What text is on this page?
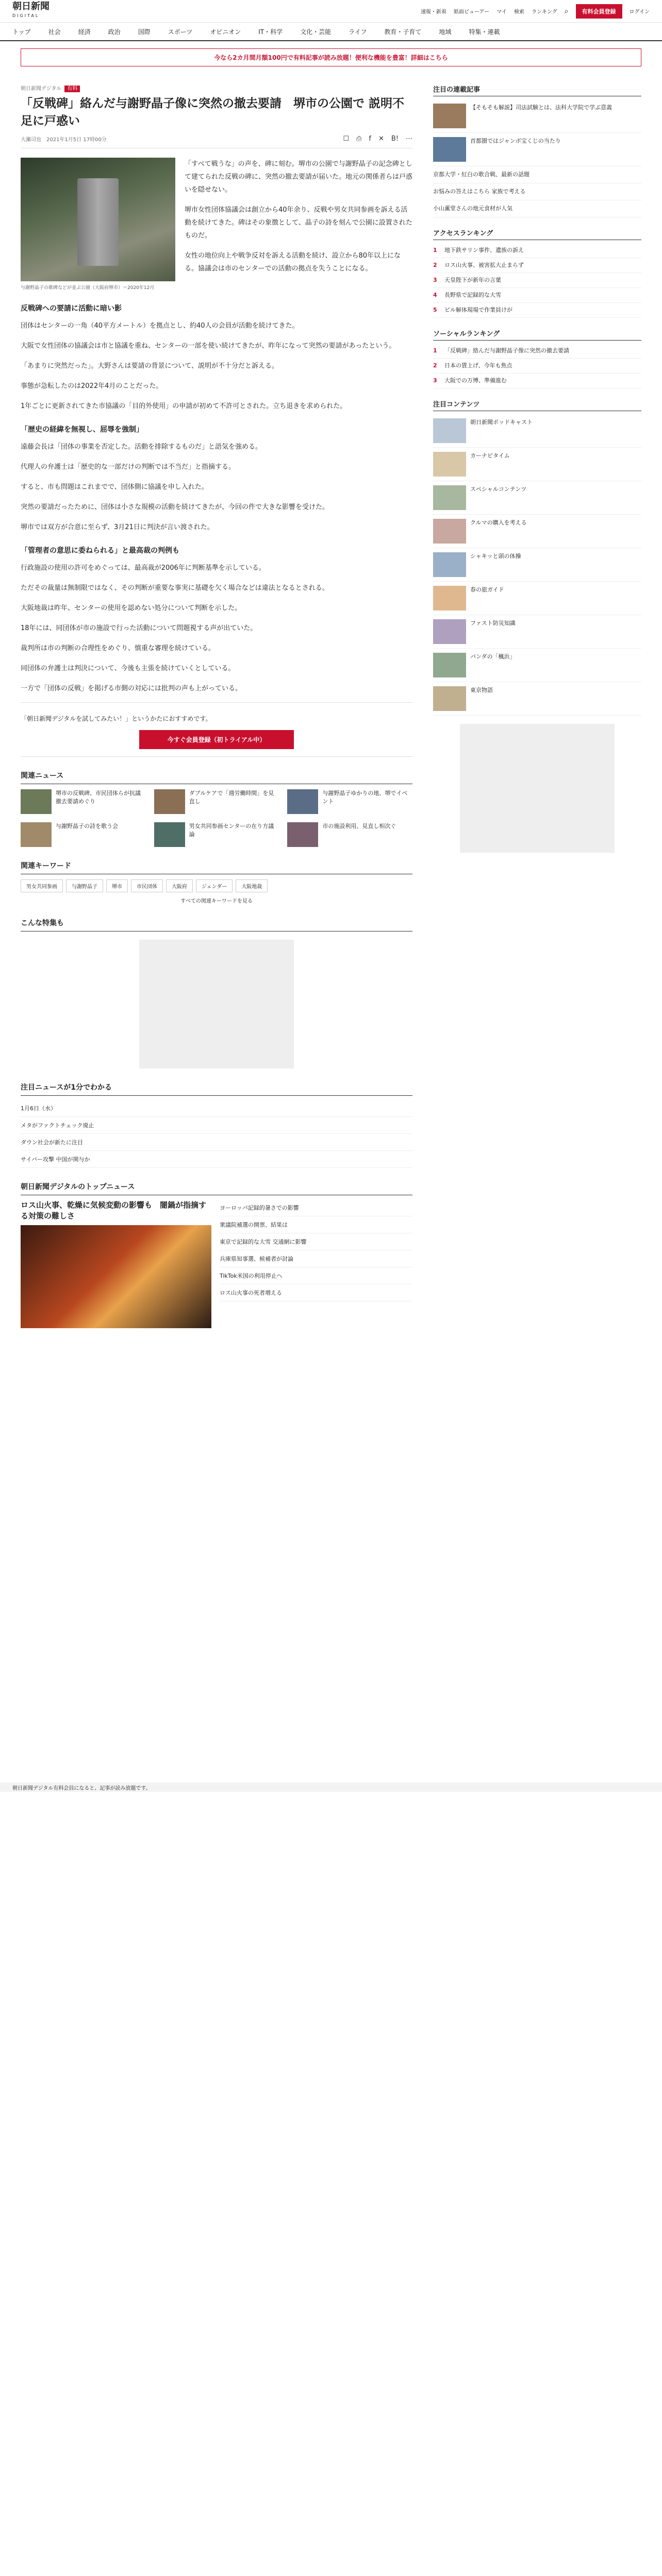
朝日新聞
DIGITAL
速報・新着 紙面ビューアー マイ 検索 ランキング ⌕	有料会員登録	ログイン
トップ	社会	経済	政治	国際	スポーツ	オピニオン	IT・科学	文化・芸能	ライフ	教育・子育て	地域	特集・連載
今なら2カ月間月額100円で有料記事が読み放題！便利な機能を豊富！詳細はこちら
朝日新聞デジタル 有料
「反戦碑」絡んだ与謝野晶子像に突然の撤去要請　堺市の公園で 説明不足に戸惑い
大瀬司也　2021年1月5日 17時00分	☐ ⎙ f ✕ B! ⋯
与謝野晶子の歌碑などが並ぶ公園（大阪府堺市）＝2020年12月

「すべて戦うな」の声を、碑に刻む。堺市の公園で与謝野晶子の記念碑として建てられた反戦の碑に、突然の撤去要請が届いた。地元の関係者らは戸惑いを隠せない。

堺市女性団体協議会は創立から40年余り、反戦や男女共同参画を訴える活動を続けてきた。碑はその象徴として、晶子の詩を刻んで公園に設置されたものだ。

女性の地位向上や戦争反対を訴える活動を続け、設立から80年以上になる。協議会は市のセンターでの活動の拠点を失うことになる。

反戦碑への要請に活動に暗い影

団体はセンターの一角（40平方メートル）を拠点とし、約40人の会員が活動を続けてきた。

大阪で女性団体の協議会は市と協議を重ね、センターの一部を使い続けてきたが、昨年になって突然の要請があったという。

「あまりに突然だった」。大野さんは要請の背景について、説明が不十分だと訴える。

事態が急転したのは2022年4月のことだった。

1年ごとに更新されてきた市協議の「目的外使用」の申請が初めて不許可とされた。立ち退きを求められた。

「歴史の経緯を無視し、屈辱を強制」

遠藤会長は「団体の事業を否定した。活動を排除するものだ」と語気を強める。

代理人の弁護士は「歴史的な一部だけの判断では不当だ」と指摘する。

すると、市も問題はこれまでで、団体側に協議を申し入れた。

突然の要請だったために、団体は小さな規模の活動を続けてきたが、今回の件で大きな影響を受けた。

堺市では双方が合意に至らず、3月21日に判決が言い渡された。

「管理者の意思に委ねられる」と最高裁の判例も

行政施設の使用の許可をめぐっては、最高裁が2006年に判断基準を示している。

ただその裁量は無制限ではなく、その判断が重要な事実に基礎を欠く場合などは違法となるとされる。

大阪地裁は昨年、センターの使用を認めない処分について判断を示した。

18年には、同団体が市の施設で行った活動について問題視する声が出ていた。

裁判所は市の判断の合理性をめぐり、慎重な審理を続けている。

同団体の弁護士は判決について、今後も主張を続けていくとしている。

一方で「団体の反戦」を掲げる市側の対応には批判の声も上がっている。

「朝日新聞デジタルを試してみたい！」というかたにおすすめです。
今すぐ会員登録（初トライアル中）
関連ニュース
堺市の反戦碑、市民団体らが抗議 撤去要請めぐり
ダブルケアで「週労働時間」を見直し
与謝野晶子ゆかりの地、堺でイベント
与謝野晶子の詩を歌う会	男女共同参画センターの在り方議論
市の施設利用、見直し相次ぐ
関連キーワード
男女共同参画	与謝野晶子	堺市	市民団体	大阪府	ジェンダー	大阪地裁
すべての関連キーワードを見る
こんな特集も
注目ニュースが1分でわかる
1月6日（水）
メタがファクトチェック廃止
ダウン社会が新たに注目
サイバー攻撃 中国が関与か
朝日新聞デジタルのトップニュース
ロス山火事、乾燥に気候変動の影響も　闇鍋が指摘する対策の難しさ
ヨーロッパ記録的暑さでの影響
衆議院補選の開票、結果は
東京で記録的な大雪 交通網に影響
兵庫県知事選、候補者が討論
TikTok米国の利用停止へ
ロス山火事の死者増える
注目の連載記事
【そもそも解説】司法試験とは、法科大学院で学ぶ意義
首都圏ではジャンボ宝くじの当たり
京都大学・紅白の歌合戦、最新の話題
お悩みの答えはこちら 家族で考える
小山薫堂さんの地元食材が人気
アクセスランキング
1	地下鉄サリン事件、遺族の訴え
2	ロス山火事、被害拡大止まらず
3	天皇陛下が新年の言葉
4	長野県で記録的な大雪
5	ビル解体現場で作業員けが
ソーシャルランキング
1	「反戦碑」絡んだ与謝野晶子像に突然の撤去要請
2	日本の賃上げ、今年も焦点
3	大阪での万博、準備進む
注目コンテンツ
朝日新聞ポッドキャスト
カーナビタイム
スペシャルコンテンツ
クルマの購入を考える
シャキッと頭の体操
春の旅ガイド
ファスト防災知識
パンダの「楓浜」
東京物語
朝日新聞デジタル有料会員になると、記事が読み放題です。
